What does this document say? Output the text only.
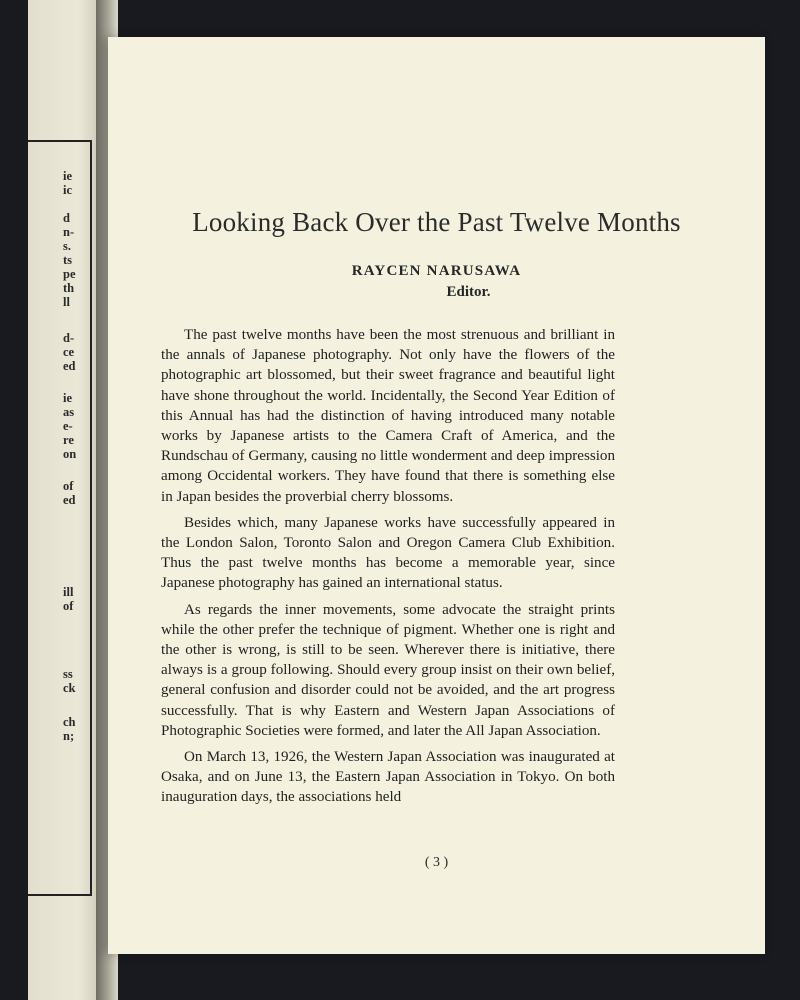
ie
ic
d
n-
s.
ts
pe
th
ll
d-
ce
ed
ie
as
e-
re
on
of
ed
ill
of
ss
ck
ch
n;
Looking Back Over the Past Twelve Months
RAYCEN NARUSAWA
Editor.

The past twelve months have been the most strenuous and brilliant in the annals of Japanese photography. Not only have the flowers of the photographic art blossomed, but their sweet fragrance and beautiful light have shone throughout the world. Incidentally, the Second Year Edition of this Annual has had the distinction of having introduced many notable works by Japanese artists to the Camera Craft of America, and the Rundschau of Germany, causing no little wonderment and deep impression among Occidental workers. They have found that there is something else in Japan besides the proverbial cherry blossoms.

Besides which, many Japanese works have successfully appeared in the London Salon, Toronto Salon and Oregon Camera Club Exhibition. Thus the past twelve months has become a memorable year, since Japanese photography has gained an international status.

As regards the inner movements, some advocate the straight prints while the other prefer the technique of pigment. Whether one is right and the other is wrong, is still to be seen. Wherever there is initiative, there always is a group following. Should every group insist on their own belief, general confusion and disorder could not be avoided, and the art progress successfully. That is why Eastern and Western Japan Associations of Photographic Societies were formed, and later the All Japan Association.

On March 13, 1926, the Western Japan Association was inaugurated at Osaka, and on June 13, the Eastern Japan Association in Tokyo. On both inauguration days, the associations held

( 3 )
